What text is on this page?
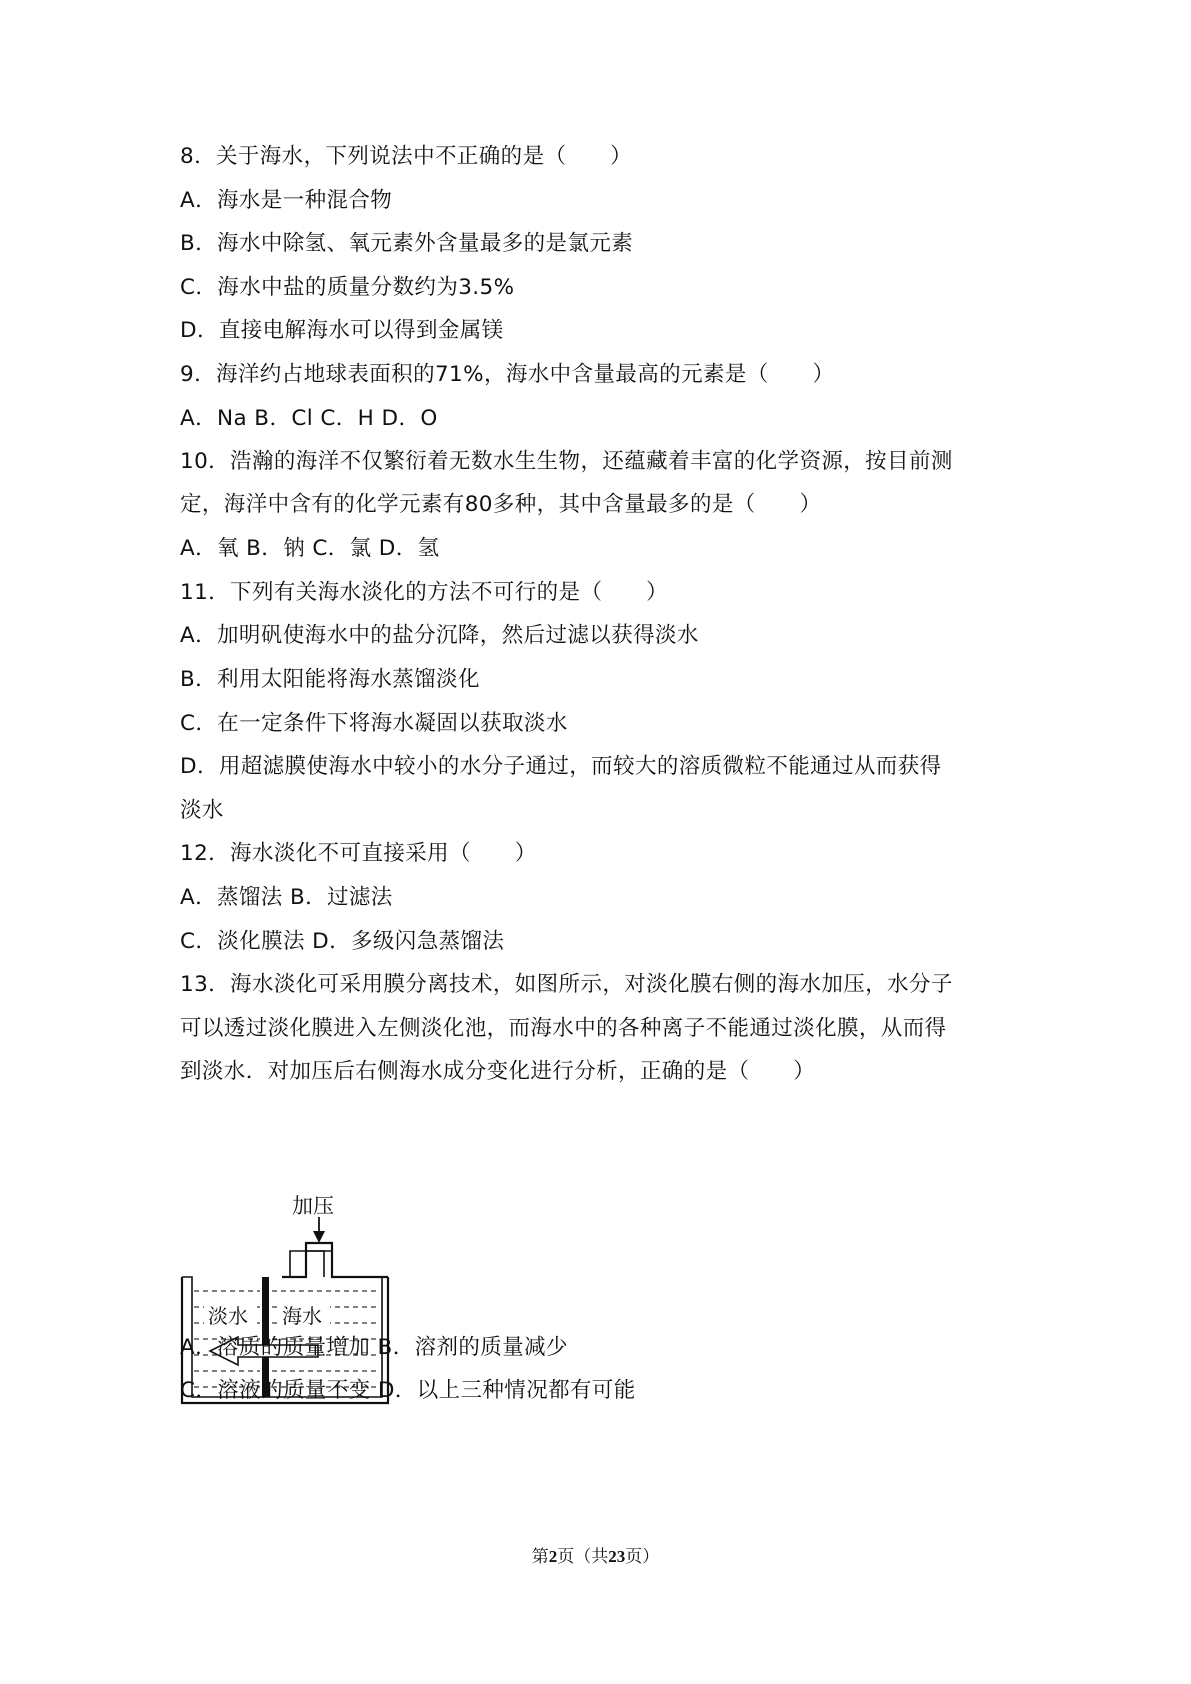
8．关于海水，下列说法中不正确的是（　　）
A．海水是一种混合物
B．海水中除氢、氧元素外含量最多的是氯元素
C．海水中盐的质量分数约为3.5%
D．直接电解海水可以得到金属镁
9．海洋约占地球表面积的71%，海水中含量最高的元素是（　　）
A．Na B．Cl C．H D．O
10．浩瀚的海洋不仅繁衍着无数水生生物，还蕴藏着丰富的化学资源，按目前测
定，海洋中含有的化学元素有80多种，其中含量最多的是（　　）
A．氧 B．钠 C．氯 D．氢
11．下列有关海水淡化的方法不可行的是（　　）
A．加明矾使海水中的盐分沉降，然后过滤以获得淡水
B．利用太阳能将海水蒸馏淡化
C．在一定条件下将海水凝固以获取淡水
D．用超滤膜使海水中较小的水分子通过，而较大的溶质微粒不能通过从而获得
淡水
12．海水淡化不可直接采用（　　）
A．蒸馏法 B．过滤法
C．淡化膜法 D．多级闪急蒸馏法
13．海水淡化可采用膜分离技术，如图所示，对淡化膜右侧的海水加压，水分子
可以透过淡化膜进入左侧淡化池，而海水中的各种离子不能通过淡化膜，从而得
到淡水．对加压后右侧海水成分变化进行分析，正确的是（　　）
加压
淡水 海水
A．溶质的质量增加 B．溶剂的质量减少
C．溶液的质量不变 D．以上三种情况都有可能
第2页（共23页）
